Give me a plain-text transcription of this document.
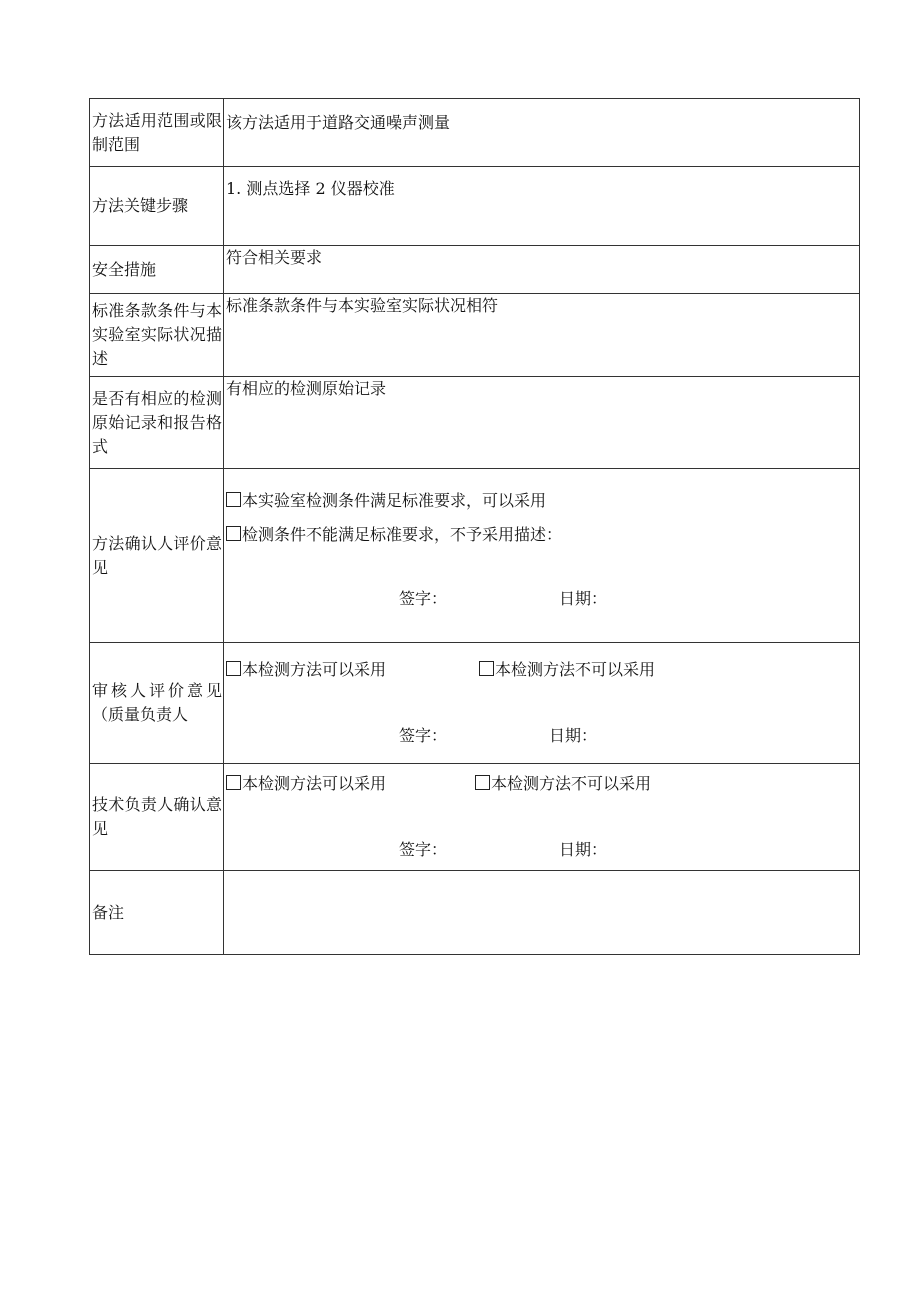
方法适用范围或限制范围	该方法适用于道路交通噪声测量

方法关键步骤	1. 测点选择 2 仪器校准

安全措施	符合相关要求

标准条款条件与本实验室实际状况描述	标准条款条件与本实验室实际状况相符

是否有相应的检测原始记录和报告格式	有相应的检测原始记录

方法确认人评价意见	本实验室检测条件满足标准要求，可以采用
检测条件不能满足标准要求，不予采用描述：
签字： 日期：

审核人评价意见（质量负责人	本检测方法可以采用 本检测方法不可以采用
签字： 日期：

技术负责人确认意见	本检测方法可以采用 本检测方法不可以采用
签字： 日期：

备注	
